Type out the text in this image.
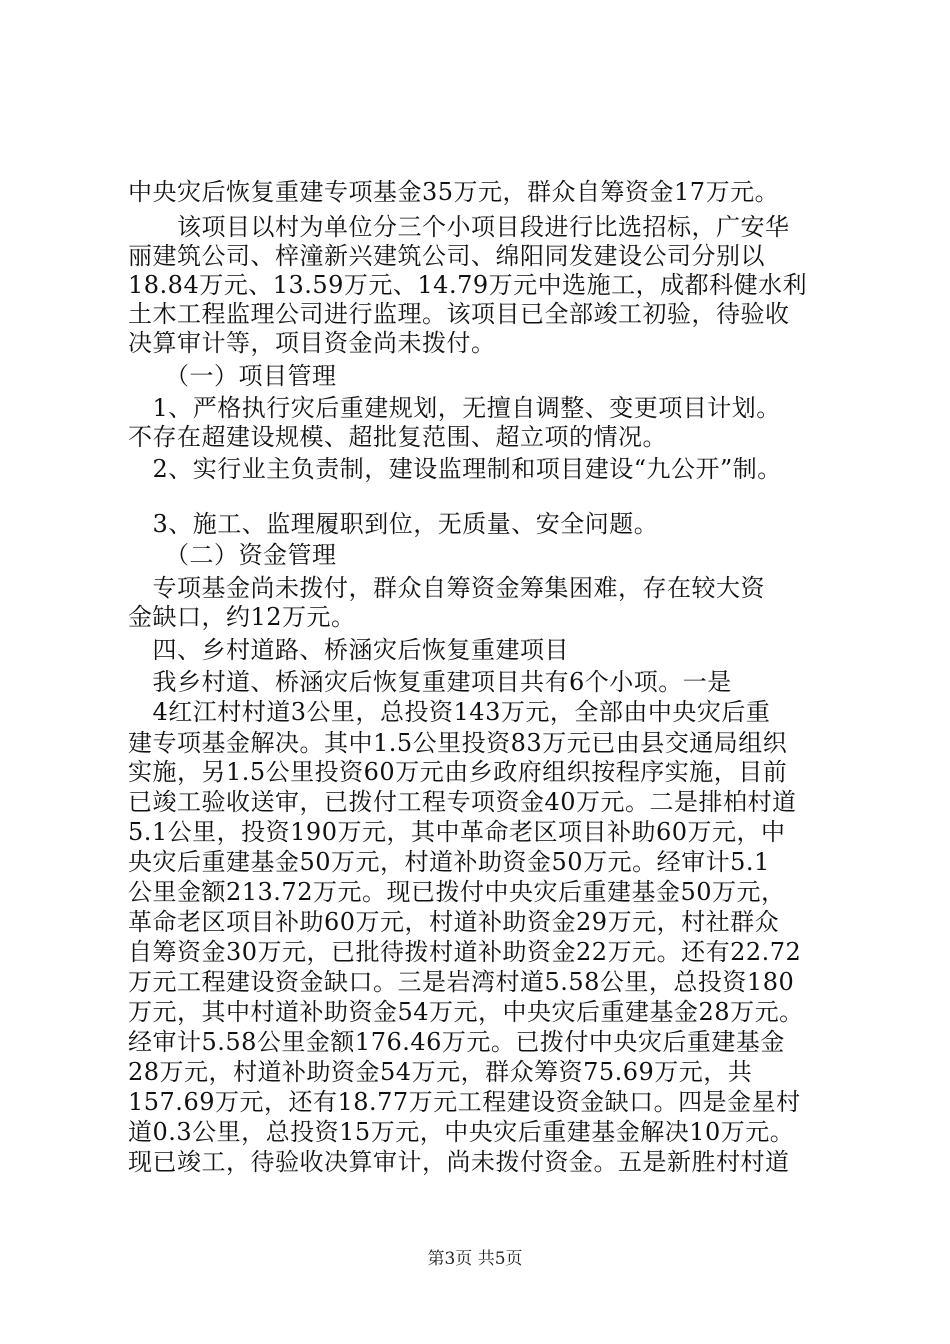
中央灾后恢复重建专项基金35万元，群众自筹资金17万元。
　　该项目以村为单位分三个小项目段进行比选招标，广安华
丽建筑公司、梓潼新兴建筑公司、绵阳同发建设公司分别以
18.84万元、13.59万元、14.79万元中选施工，成都科健水利
土木工程监理公司进行监理。该项目已全部竣工初验，待验收
决算审计等，项目资金尚未拨付。
　　（一）项目管理
　1、严格执行灾后重建规划，无擅自调整、变更项目计划。
不存在超建设规模、超批复范围、超立项的情况。
　2、实行业主负责制，建设监理制和项目建设“九公开”制。
　3、施工、监理履职到位，无质量、安全问题。
　　（二）资金管理
　专项基金尚未拨付，群众自筹资金筹集困难，存在较大资
金缺口，约12万元。
　四、乡村道路、桥涵灾后恢复重建项目
　我乡村道、桥涵灾后恢复重建项目共有6个小项。一是
　4红江村村道3公里，总投资143万元，全部由中央灾后重
建专项基金解决。其中1.5公里投资83万元已由县交通局组织
实施，另1.5公里投资60万元由乡政府组织按程序实施，目前
已竣工验收送审，已拨付工程专项资金40万元。二是排柏村道
5.1公里，投资190万元，其中革命老区项目补助60万元，中
央灾后重建基金50万元，村道补助资金50万元。经审计5.1
公里金额213.72万元。现已拨付中央灾后重建基金50万元，
革命老区项目补助60万元，村道补助资金29万元，村社群众
自筹资金30万元，已批待拨村道补助资金22万元。还有22.72
万元工程建设资金缺口。三是岩湾村道5.58公里，总投资180
万元，其中村道补助资金54万元，中央灾后重建基金28万元。
经审计5.58公里金额176.46万元。已拨付中央灾后重建基金
28万元，村道补助资金54万元，群众筹资75.69万元，共
157.69万元，还有18.77万元工程建设资金缺口。四是金星村
道0.3公里，总投资15万元，中央灾后重建基金解决10万元。
现已竣工，待验收决算审计，尚未拨付资金。五是新胜村村道
第3页 共5页
